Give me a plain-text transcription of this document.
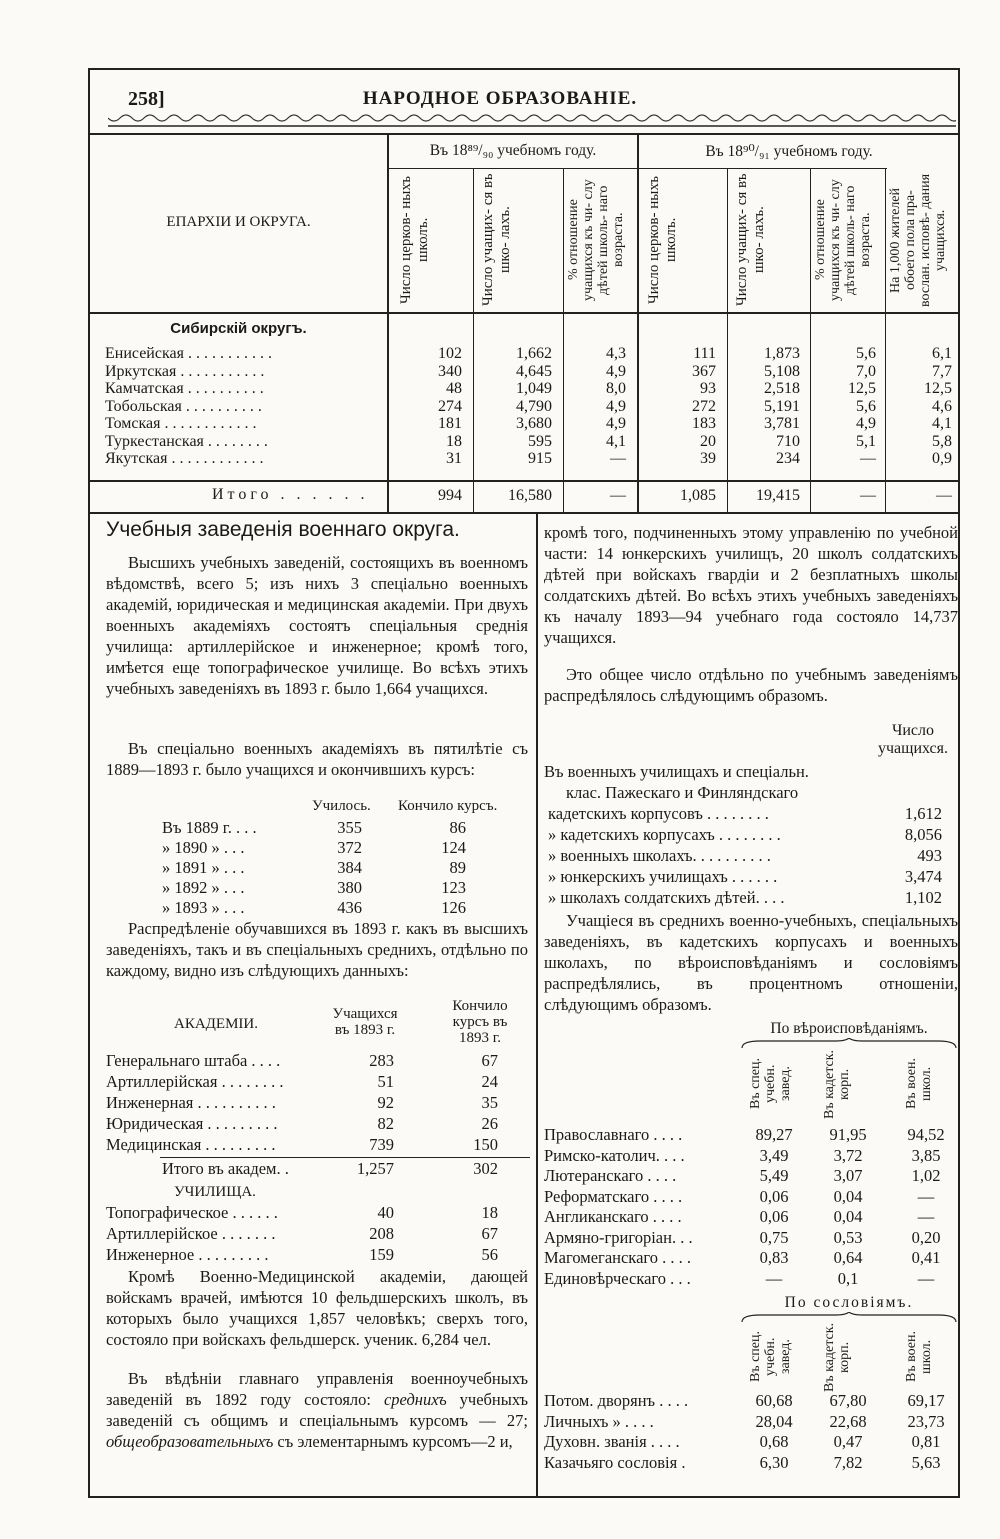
258]	НАРОДНОЕ ОБРАЗОВАНIЕ.
ЕПАРХIИ И ОКРУГА.
Въ 18⁸⁹/₉₀ учебномъ году.	Въ 18⁹⁰/₉₁ учебномъ году.
Число церков- ныхъ школъ.	Число учащих- ся въ шко- лахъ.	% отношение учащихся къ чи- слу дѣтей школь- наго возраста.	Число церков- ныхъ школъ.	Число учащих- ся въ шко- лахъ.	% отношение учащихся къ чи- слу дѣтей школь- наго возраста.	На 1,000 жителей обоего пола пра- вослан. исповѣ- дания учащихся.
Сибирскiй округъ.
Енисейская . . . . . . . . . . .	102	1,662	4,3	111	1,873	5,6	6,1
Иркутская . . . . . . . . . . .	340	4,645	4,9	367	5,108	7,0	7,7
Камчатская . . . . . . . . . .	48	1,049	8,0	93	2,518	12,5	12,5
Тобольская . . . . . . . . . .	274	4,790	4,9	272	5,191	5,6	4,6
Томская . . . . . . . . . . . .	181	3,680	4,9	183	3,781	4,9	4,1
Туркестанская . . . . . . . .	18	595	4,1	20	710	5,1	5,8
Якутская . . . . . . . . . . . .	31	915	—	39	234	—	0,9
Итого . . . . . .	994	16,580	—	1,085	19,415	—	—
Учебныя заведенiя военнаго округа.
Высшихъ учебныхъ заведенiй, состоящихъ въ военномъ вѣдомствѣ, всего 5; изъ нихъ 3 спецiально военныхъ академiй, юридическая и медицинская академiи. При двухъ военныхъ академiяхъ состоятъ спецiальныя среднiя училища: артиллерiйское и инженерное; кромѣ того, имѣется еще топографическое училище. Во всѣхъ этихъ учебныхъ заведенiяхъ въ 1893 г. было 1,664 учащихся.
Въ спецiально военныхъ академiяхъ въ пятилѣтiе съ 1889—1893 г. было учащихся и окончившихъ курсъ:
Училось. Кончило курсъ.
Въ 1889 г. . . .	355	86
» 1890 » . . .	372	124
» 1891 » . . .	384	89
» 1892 » . . .	380	123
» 1893 » . . .	436	126
Распредѣленiе обучавшихся въ 1893 г. какъ въ высшихъ заведенiяхъ, такъ и въ спецiальныхъ среднихъ, отдѣльно по каждому, видно изъ слѣдующихъ данныхъ:
АКАДЕМIИ.
Учащихся въ 1893 г.
Кончило курсъ въ 1893 г.
Генеральнаго штаба . . . .	283	67
Артиллерiйская . . . . . . . .	51	24
Инженерная . . . . . . . . . .	92	35
Юридическая . . . . . . . . .	82	26
Медицинская . . . . . . . . .	739	150
Итого въ академ. .	1,257	302
УЧИЛИЩА.
Топографическое . . . . . .	40	18
Артиллерiйское . . . . . . .	208	67
Инженерное . . . . . . . . .	159	56
Кромѣ Военно-Медицинской академiи, дающей войскамъ врачей, имѣются 10 фельдшерскихъ школъ, въ которыхъ было учащихся 1,857 человѣкъ; сверхъ того, состояло при войскахъ фельдшерск. ученик. 6,284 чел.
Въ вѣдѣнiи главнаго управленiя военноучебныхъ заведенiй въ 1892 году состояло: среднихъ учебныхъ заведенiй съ общимъ и спецiальнымъ курсомъ — 27; общеобразовательныхъ съ элементарнымъ курсомъ—2 и,
кромѣ того, подчиненныхъ этому управленiю по учебной части: 14 юнкерскихъ училищъ, 20 школъ солдатскихъ дѣтей при войскахъ гвардiи и 2 безплатныхъ школы солдатскихъ дѣтей. Во всѣхъ этихъ учебныхъ заведенiяхъ къ началу 1893—94 учебнаго года состояло 14,737 учащихся.
Это общее число отдѣльно по учебнымъ заведенiямъ распредѣлялось слѣдующимъ образомъ.
Число учащихся.
Въ военныхъ училищахъ и спецiальн.
клас. Пажескаго и Финляндскаго
кадетскихъ корпусовъ . . . . . . . .	1,612
» кадетскихъ корпусахъ . . . . . . . .	8,056
» военныхъ школахъ. . . . . . . . . .	493
» юнкерскихъ училищахъ . . . . . .	3,474
» школахъ солдатскихъ дѣтей. . . .	1,102
Учащiеся въ среднихъ военно-учебныхъ, спецiальныхъ заведенiяхъ, въ кадетскихъ корпусахъ и военныхъ школахъ, по вѣроисповѣданiямъ и сословiямъ распредѣлялись, въ процентномъ отношенiи, слѣдующимъ образомъ.
По вѣроисповѣданiямъ.
Въ спец. учебн. завед. Въ кадетск. корп.	Въ воен. школ.
Православнаго . . . .	89,27	91,95	94,52
Римско-католич. . . .	3,49	3,72	3,85
Лютеранскаго . . . .	5,49	3,07	1,02
Реформатскаго . . . .	0,06	0,04	—
Англиканскаго . . . .	0,06	0,04	—
Армяно-григорiан. . .	0,75	0,53	0,20
Магомеганскаго . . . .	0,83	0,64	0,41
Единовѣрческаго . . .	—	0,1	—
По сословiямъ.
Въ спец. учебн. завед. Въ кадетск. корп.	Въ воен. школ.
Потом. дворянъ . . . .	60,68	67,80	69,17
Личныхъ » . . . .	28,04	22,68	23,73
Духовн. званiя . . . .	0,68	0,47	0,81
Казачьяго сословiя .	6,30	7,82	5,63
